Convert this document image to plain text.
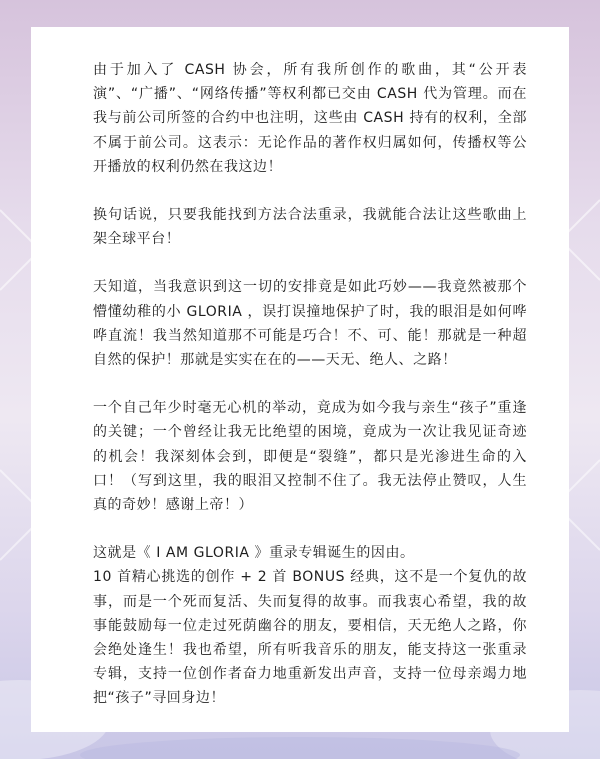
由于加入了 CASH 协会，所有我所创作的歌曲，其“公开表演”、“广播”、“网络传播”等权利都已交由 CASH 代为管理。而在我与前公司所签的合约中也注明，这些由 CASH 持有的权利，全部不属于前公司。这表示：无论作品的著作权归属如何，传播权等公开播放的权利仍然在我这边！

换句话说，只要我能找到方法合法重录，我就能合法让这些歌曲上架全球平台！

天知道，当我意识到这一切的安排竟是如此巧妙——我竟然被那个懵懂幼稚的小 GLORIA ，误打误撞地保护了时，我的眼泪是如何哗哗直流！我当然知道那不可能是巧合！不、可、能！那就是一种超自然的保护！那就是实实在在的——天无、绝人、之路！

一个自己年少时毫无心机的举动，竟成为如今我与亲生“孩子”重逢的关键；一个曾经让我无比绝望的困境，竟成为一次让我见证奇迹的机会！我深刻体会到，即便是“裂缝”，都只是光渗进生命的入口！（写到这里，我的眼泪又控制不住了。我无法停止赞叹，人生真的奇妙！感谢上帝！）

这就是《 I AM GLORIA 》重录专辑诞生的因由。

10 首精心挑选的创作 + 2 首 BONUS 经典，这不是一个复仇的故事，而是一个死而复活、失而复得的故事。而我衷心希望，我的故事能鼓励每一位走过死荫幽谷的朋友，要相信，天无绝人之路，你会绝处逢生！我也希望，所有听我音乐的朋友，能支持这一张重录专辑，支持一位创作者奋力地重新发出声音，支持一位母亲竭力地把“孩子”寻回身边！
